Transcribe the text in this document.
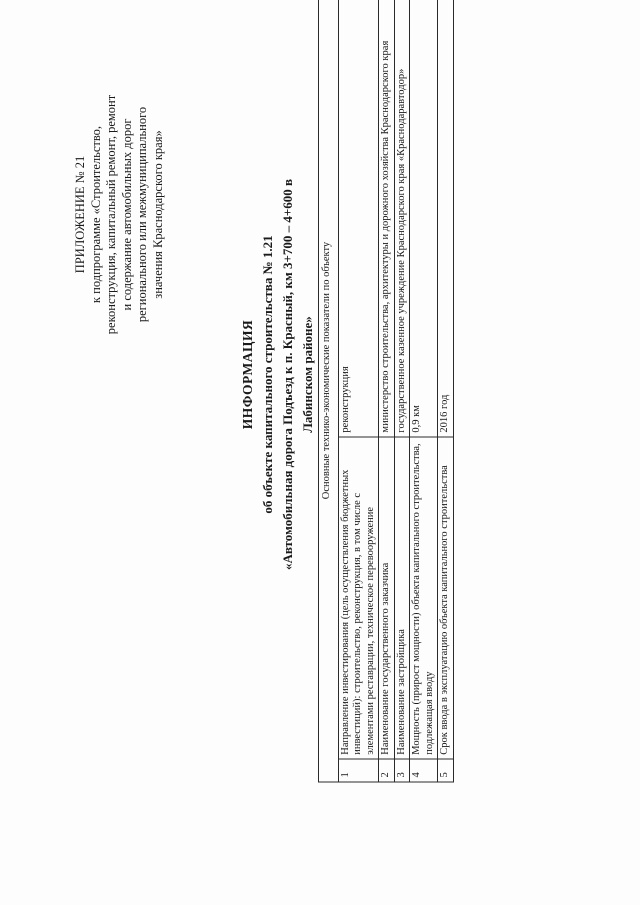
ПРИЛОЖЕНИЕ № 21 к подпрограмме «Строительство, реконструкция, капитальный ремонт, ремонт и содержание автомобильных дорог регионального или межмуниципального значения Краснодарского края»
ИНФОРМАЦИЯ об объекте капитального строительства № 1.21 «Автомобильная дорога Подъезд к п. Красный, км 3+700 – 4+600 в Лабинском районе» Основные технико-экономические показатели по объекту		
1	Направление инвестирования (цель осуществления бюджетных инвестиций): строительство, реконструкция, в том числе с элементами реставрации, техническое перевооружение	реконструкция
2	Наименование государственного заказчика	министерство строительства, архитектуры и дорожного хозяйства Краснодарского края
3	Наименование застройщика	государственное казенное учреждение Краснодарского края «Краснодаравтодор»
4	Мощность (прирост мощности) объекта капитального строительства, подлежащая вводу	0,9 км
5	Срок ввода в эксплуатацию объекта капитального строительства	2016 год
